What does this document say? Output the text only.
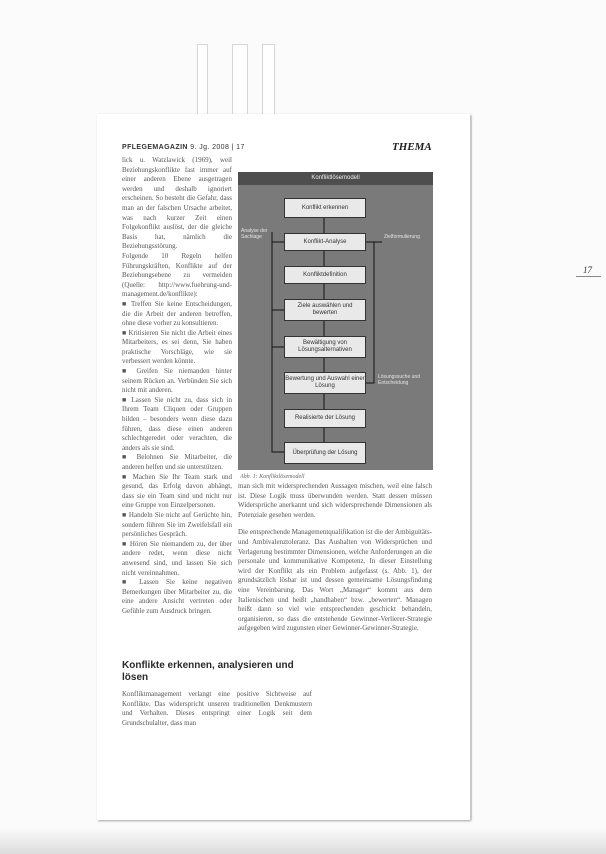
PFLEGEMAGAZIN 9. Jg. 2008 | 17	THEMA
17

lick u. Watzlawick (1969), weil Beziehungskonflikte fast immer auf einer anderen Ebene ausgetragen werden und deshalb ignoriert erscheinen. So besteht die Gefahr, dass man an der falschen Ursache arbeitet, was nach kurzer Zeit einen Folgekonflikt auslöst, der die gleiche Basis hat, nämlich die Beziehungsstörung.

Folgende 10 Regeln helfen Führungskräften, Konflikte auf der Beziehungsebene zu vermeiden (Quelle: http://www.fuehrung-und-management.de/konflikte):

■ Treffen Sie keine Entscheidungen, die die Arbeit der anderen betreffen, ohne diese vorher zu konsultieren.

■ Kritisieren Sie nicht die Arbeit eines Mitarbeiters, es sei denn, Sie haben praktische Vorschläge, wie sie verbessert werden könnte.

■ Greifen Sie niemanden hinter seinem Rücken an. Verbünden Sie sich nicht mit anderen.

■ Lassen Sie nicht zu, dass sich in Ihrem Team Cliquen oder Gruppen bilden – besonders wenn diese dazu führen, dass diese einen anderen schlechtgeredet oder verachten, die anders als sie sind.

■ Belohnen Sie Mitarbeiter, die anderen helfen und sie unterstützen.

■ Machen Sie Ihr Team stark und gesund, das Erfolg davon abhängt, dass sie ein Team sind und nicht nur eine Gruppe von Einzelpersonen.

■ Handeln Sie nicht auf Gerüchte hin, sondern führen Sie im Zweifelsfall ein persönliches Gespräch.

■ Hören Sie niemandem zu, der über andere redet, wenn diese nicht anwesend sind, und lassen Sie sich nicht vereinnahmen.

■ Lassen Sie keine negativen Bemerkungen über Mitarbeiter zu, die eine andere Ansicht vertreten oder Gefühle zum Ausdruck bringen.

Konflikte erkennen, analysieren und lösen

Konfliktmanagement verlangt eine positive Sichtweise auf Konflikte. Das widerspricht unseren traditionellen Denkmustern und Verhalten. Dieses entspringt einer Logik seit dem Grundschulalter, dass man

man sich mit widersprechenden Aussagen mischen, weil eine falsch ist. Diese Logik muss überwunden werden. Statt dessen müssen Widersprüche anerkannt und sich widersprechende Dimensionen als Potenziale gesehen werden.

Die entsprechende Managementqualifikation ist die der Ambiguitäts- und Ambivalenztoleranz. Das Aushalten von Widersprüchen und Verlagerung bestimmter Dimensionen, welche Anforderungen an die personale und kommunikative Kompetenz. In dieser Einstellung wird der Konflikt als ein Problem aufgefasst (s. Abb. 1), der grundsätzlich lösbar ist und dessen gemeinsame Lösungsfindung eine Vereinbarung. Das Wort „Manager“ kommt aus dem Italienischen und heißt „handhaben“ bzw. „bewerten“. Managen heißt dann so viel wie entsprechenden geschickt behandeln, organisieren, so dass die entstehende Gewinner-Verlierer-Strategie aufgegeben wird zugunsten einer Gewinner-Gewinner-Strategie.

Konfliktlösemodell
Konflikt erkennen
Konflikt-Analyse
Konfliktdefinition
Ziele auswählen und bewerten
Bewältigung von Lösungsalternativen
Bewertung und Auswahl einer Lösung
Realisierte der Lösung
Überprüfung der Lösung
Analyse der Sachlage	Zielformulierung
Lösungssuche und Entscheidung
Abb. 1: Konfliktlösemodell
